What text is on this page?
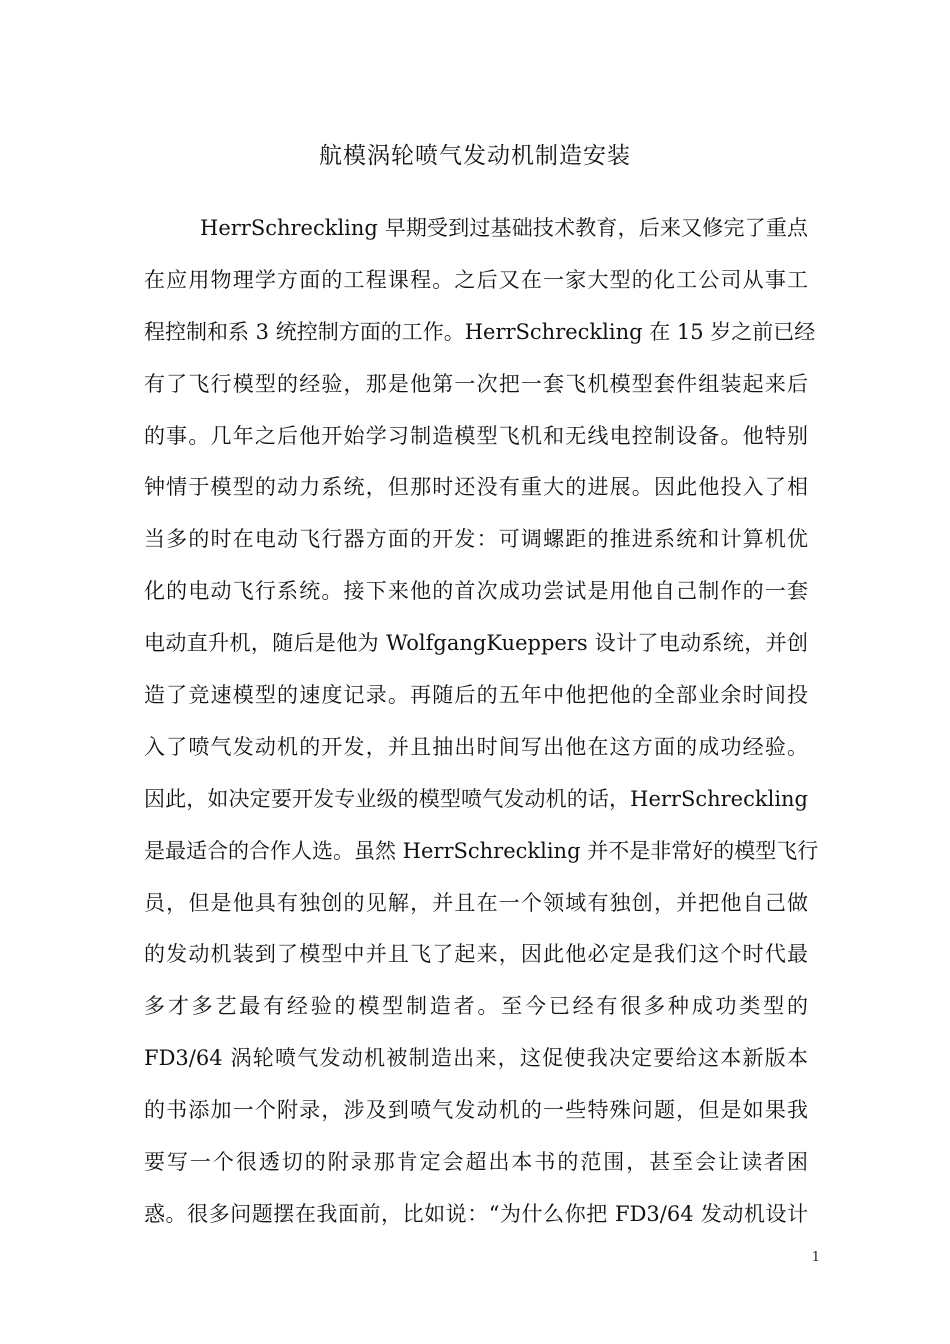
航模涡轮喷气发动机制造安装
HerrSchreckling 早期受到过基础技术教育，后来又修完了重点
在应用物理学方面的工程课程。之后又在一家大型的化工公司从事工
程控制和系 3 统控制方面的工作。HerrSchreckling 在 15 岁之前已经
有了飞行模型的经验，那是他第一次把一套飞机模型套件组装起来后
的事。几年之后他开始学习制造模型飞机和无线电控制设备。他特别
钟情于模型的动力系统，但那时还没有重大的进展。因此他投入了相
当多的时在电动飞行器方面的开发：可调螺距的推进系统和计算机优
化的电动飞行系统。接下来他的首次成功尝试是用他自己制作的一套
电动直升机，随后是他为 WolfgangKueppers 设计了电动系统，并创
造了竞速模型的速度记录。再随后的五年中他把他的全部业余时间投
入了喷气发动机的开发，并且抽出时间写出他在这方面的成功经验。
因此，如决定要开发专业级的模型喷气发动机的话，HerrSchreckling
是最适合的合作人选。虽然 HerrSchreckling 并不是非常好的模型飞行
员，但是他具有独创的见解，并且在一个领域有独创，并把他自己做
的发动机装到了模型中并且飞了起来，因此他必定是我们这个时代最
多才多艺最有经验的模型制造者。至今已经有很多种成功类型的
FD3/64 涡轮喷气发动机被制造出来，这促使我决定要给这本新版本
的书添加一个附录，涉及到喷气发动机的一些特殊问题，但是如果我
要写一个很透切的附录那肯定会超出本书的范围，甚至会让读者困
惑。很多问题摆在我面前，比如说：“为什么你把 FD3/64 发动机设计
1
